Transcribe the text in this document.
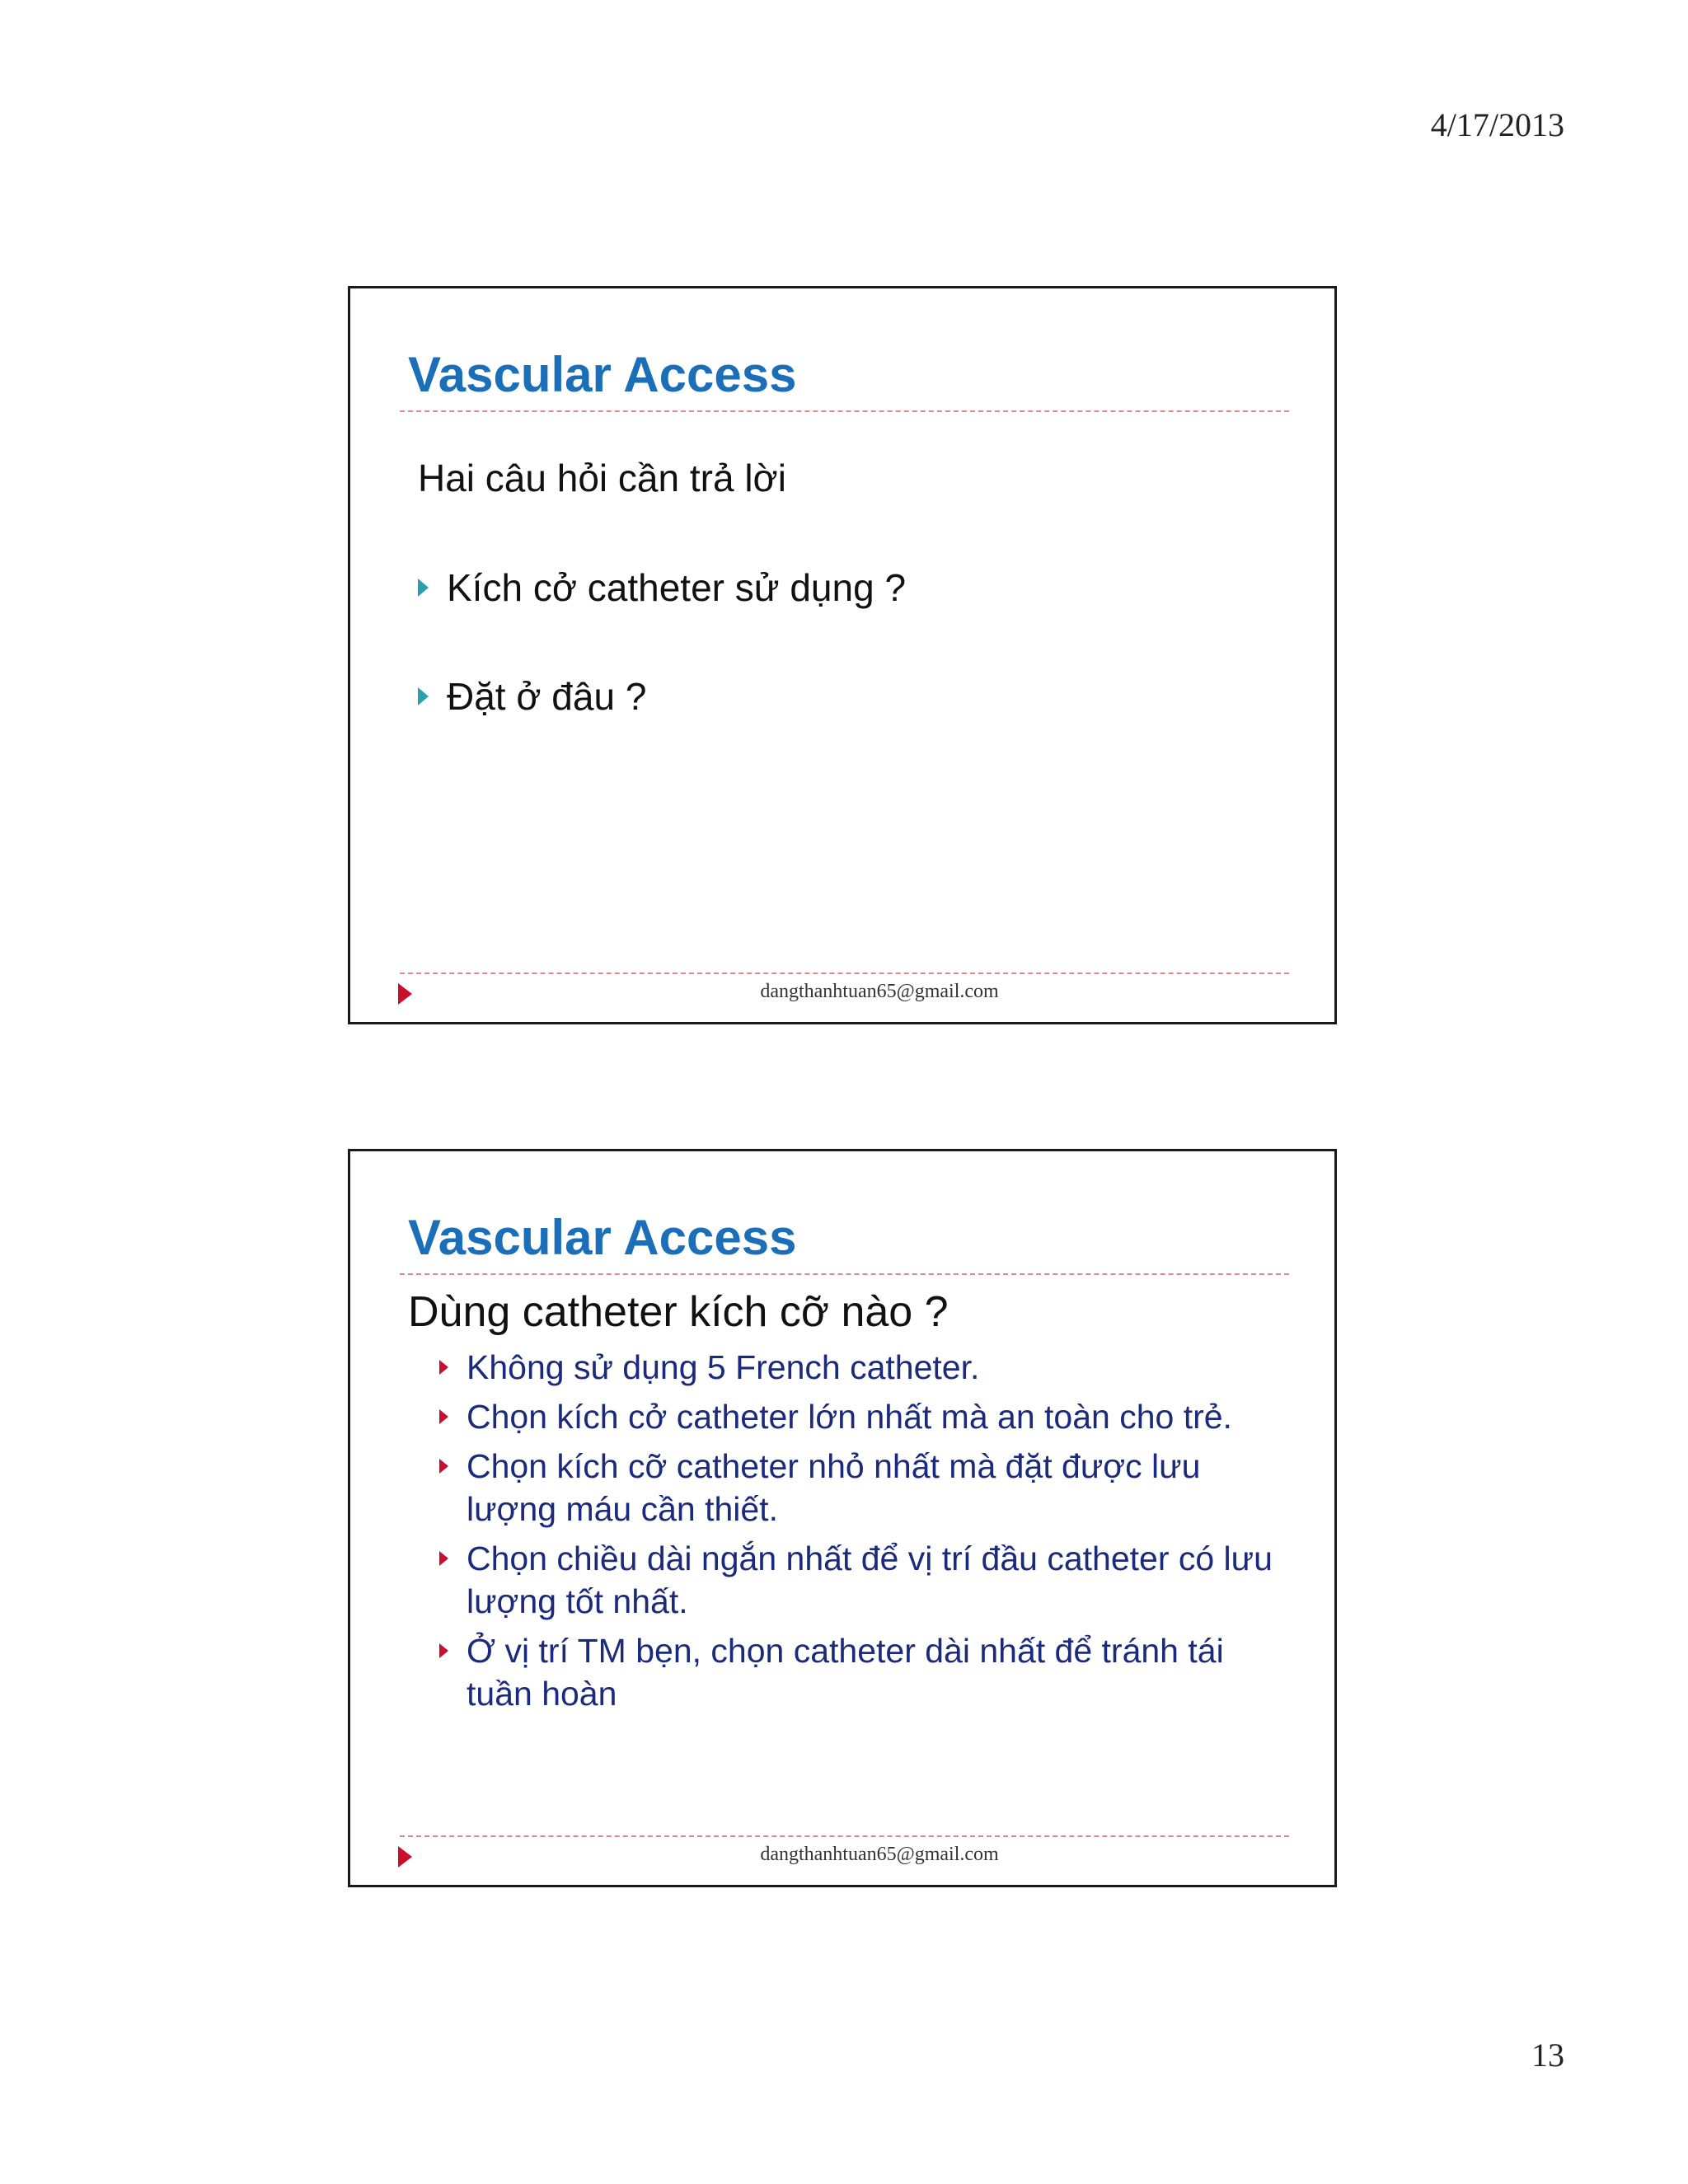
4/17/2013
Vascular Access
Hai câu hỏi cần trả lời
Kích cở catheter sử dụng ?
Đặt ở đâu ?
dangthanhtuan65@gmail.com
Vascular Access
Dùng catheter kích cỡ nào ?
Không sử dụng 5 French catheter.
Chọn kích cở catheter lớn nhất mà an toàn cho trẻ.
Chọn kích cỡ catheter nhỏ nhất mà đặt được lưu lượng máu cần thiết.
Chọn chiều dài ngắn nhất để vị trí đầu catheter có lưu lượng tốt nhất.
Ở vị trí TM bẹn, chọn catheter dài nhất để tránh tái tuần hoàn
dangthanhtuan65@gmail.com
13
